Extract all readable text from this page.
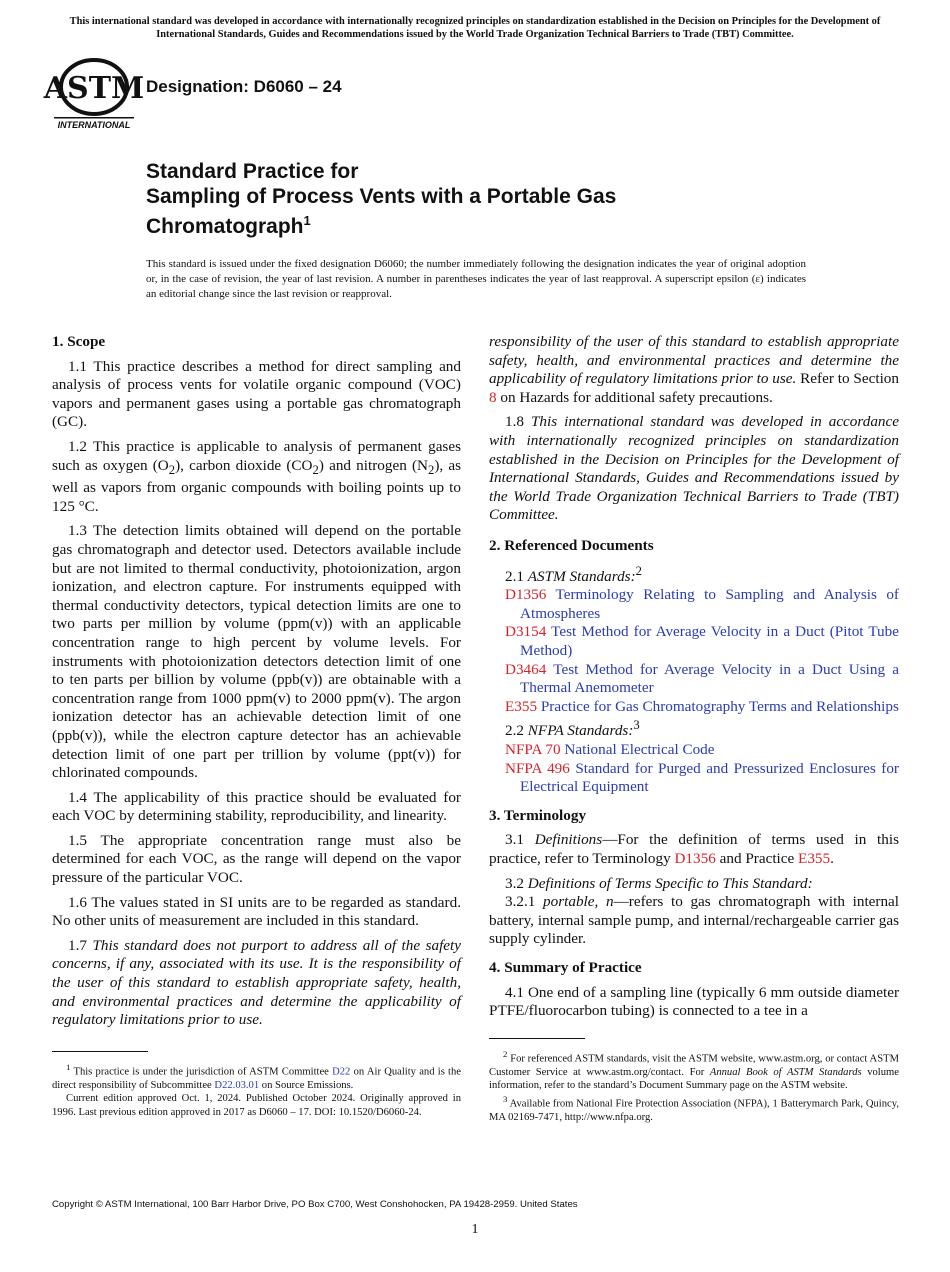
This international standard was developed in accordance with internationally recognized principles on standardization established in the Decision on Principles for the Development of International Standards, Guides and Recommendations issued by the World Trade Organization Technical Barriers to Trade (TBT) Committee.
ASTM
INTERNATIONAL
Designation: D6060 – 24
Standard Practice for
Sampling of Process Vents with a Portable Gas Chromatograph$^1$
This standard is issued under the fixed designation D6060; the number immediately following the designation indicates the year of original adoption or, in the case of revision, the year of last revision. A number in parentheses indicates the year of last reapproval. A superscript epsilon (ε) indicates an editorial change since the last revision or reapproval.
1. Scope

1.1 This practice describes a method for direct sampling and analysis of process vents for volatile organic compound (VOC) vapors and permanent gases using a portable gas chromatograph (GC).

1.2 This practice is applicable to analysis of permanent gases such as oxygen $(O_2)$, carbon dioxide $(CO_2)$ and nitrogen $(N_2)$, as well as vapors from organic compounds with boiling points up to 125 °C.

1.3 The detection limits obtained will depend on the portable gas chromatograph and detector used. Detectors available include but are not limited to thermal conductivity, photoionization, argon ionization, and electron capture. For instruments equipped with thermal conductivity detectors, typical detection limits are one to two parts per million by volume (ppm(v)) with an applicable concentration range to high percent by volume levels. For instruments with photoionization detectors detection limit of one to ten parts per billion by volume (ppb(v)) are obtainable with a concentration range from 1000 ppm(v) to 2000 ppm(v). The argon ionization detector has an achievable detection limit of one (ppb(v)), while the electron capture detector has an achievable detection limit of one part per trillion by volume (ppt(v)) for chlorinated compounds.

1.4 The applicability of this practice should be evaluated for each VOC by determining stability, reproducibility, and linearity.

1.5 The appropriate concentration range must also be determined for each VOC, as the range will depend on the vapor pressure of the particular VOC.

1.6 The values stated in SI units are to be regarded as standard. No other units of measurement are included in this standard.

1.7 This standard does not purport to address all of the safety concerns, if any, associated with its use. It is the responsibility of the user of this standard to establish appropriate safety, health, and environmental practices and determine the applicability of regulatory limitations prior to use.

$^1$ This practice is under the jurisdiction of ASTM Committee D22 on Air Quality and is the direct responsibility of Subcommittee D22.03.01 on Source Emissions.

Current edition approved Oct. 1, 2024. Published October 2024. Originally approved in 1996. Last previous edition approved in 2017 as D6060 – 17. DOI: 10.1520/D6060-24.

responsibility of the user of this standard to establish appropriate safety, health, and environmental practices and determine the applicability of regulatory limitations prior to use. Refer to Section 8 on Hazards for additional safety precautions.

1.8 This international standard was developed in accordance with internationally recognized principles on standardization established in the Decision on Principles for the Development of International Standards, Guides and Recommendations issued by the World Trade Organization Technical Barriers to Trade (TBT) Committee.

2. Referenced Documents

2.1 ASTM Standards:$^2$

D1356 Terminology Relating to Sampling and Analysis of Atmospheres

D3154 Test Method for Average Velocity in a Duct (Pitot Tube Method)

D3464 Test Method for Average Velocity in a Duct Using a Thermal Anemometer

E355 Practice for Gas Chromatography Terms and Relationships

2.2 NFPA Standards:$^3$

NFPA 70 National Electrical Code

NFPA 496 Standard for Purged and Pressurized Enclosures for Electrical Equipment

3. Terminology

3.1 Definitions—For the definition of terms used in this practice, refer to Terminology D1356 and Practice E355.

3.2 Definitions of Terms Specific to This Standard:

3.2.1 portable, n—refers to gas chromatograph with internal battery, internal sample pump, and internal/rechargeable carrier gas supply cylinder.

4. Summary of Practice

4.1 One end of a sampling line (typically 6 mm outside diameter PTFE/fluorocarbon tubing) is connected to a tee in a

$^2$ For referenced ASTM standards, visit the ASTM website, www.astm.org, or contact ASTM Customer Service at www.astm.org/contact. For Annual Book of ASTM Standards volume information, refer to the standard’s Document Summary page on the ASTM website.

$^3$ Available from National Fire Protection Association (NFPA), 1 Batterymarch Park, Quincy, MA 02169-7471, http://www.nfpa.org.

Copyright © ASTM International, 100 Barr Harbor Drive, PO Box C700, West Conshohocken, PA 19428-2959. United States
1
